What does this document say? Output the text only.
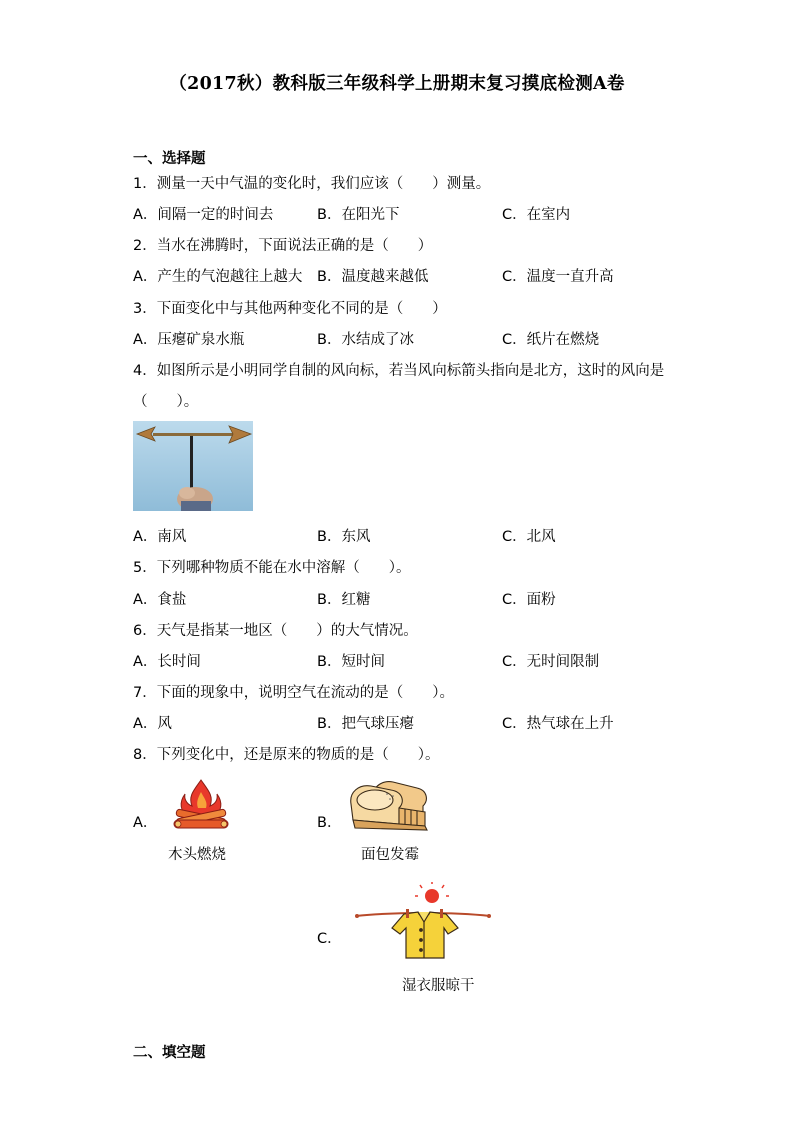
（2017秋）教科版三年级科学上册期末复习摸底检测A卷
一、选择题
1．测量一天中气温的变化时，我们应该（　　）测量。
A．间隔一定的时间去	B．在阳光下	C．在室内
2．当水在沸腾时，下面说法正确的是（　　）
A．产生的气泡越往上越大 B．温度越来越低	C．温度一直升高
3．下面变化中与其他两种变化不同的是（　　）
A．压瘪矿泉水瓶	B．水结成了冰	C．纸片在燃烧
4．如图所示是小明同学自制的风向标，若当风向标箭头指向是北方，这时的风向是
（　　）。
A．南风	B．东风	C．北风
5．下列哪种物质不能在水中溶解（　　）。
A．食盐	B．红糖	C．面粉
6．天气是指某一地区（　　）的大气情况。
A．长时间	B．短时间	C．无时间限制
7．下面的现象中，说明空气在流动的是（　　）。
A．风	B．把气球压瘪	C．热气球在上升
8．下列变化中，还是原来的物质的是（　　）。
A．
木头燃烧
B．
面包发霉
C．
湿衣服晾干
二、填空题
